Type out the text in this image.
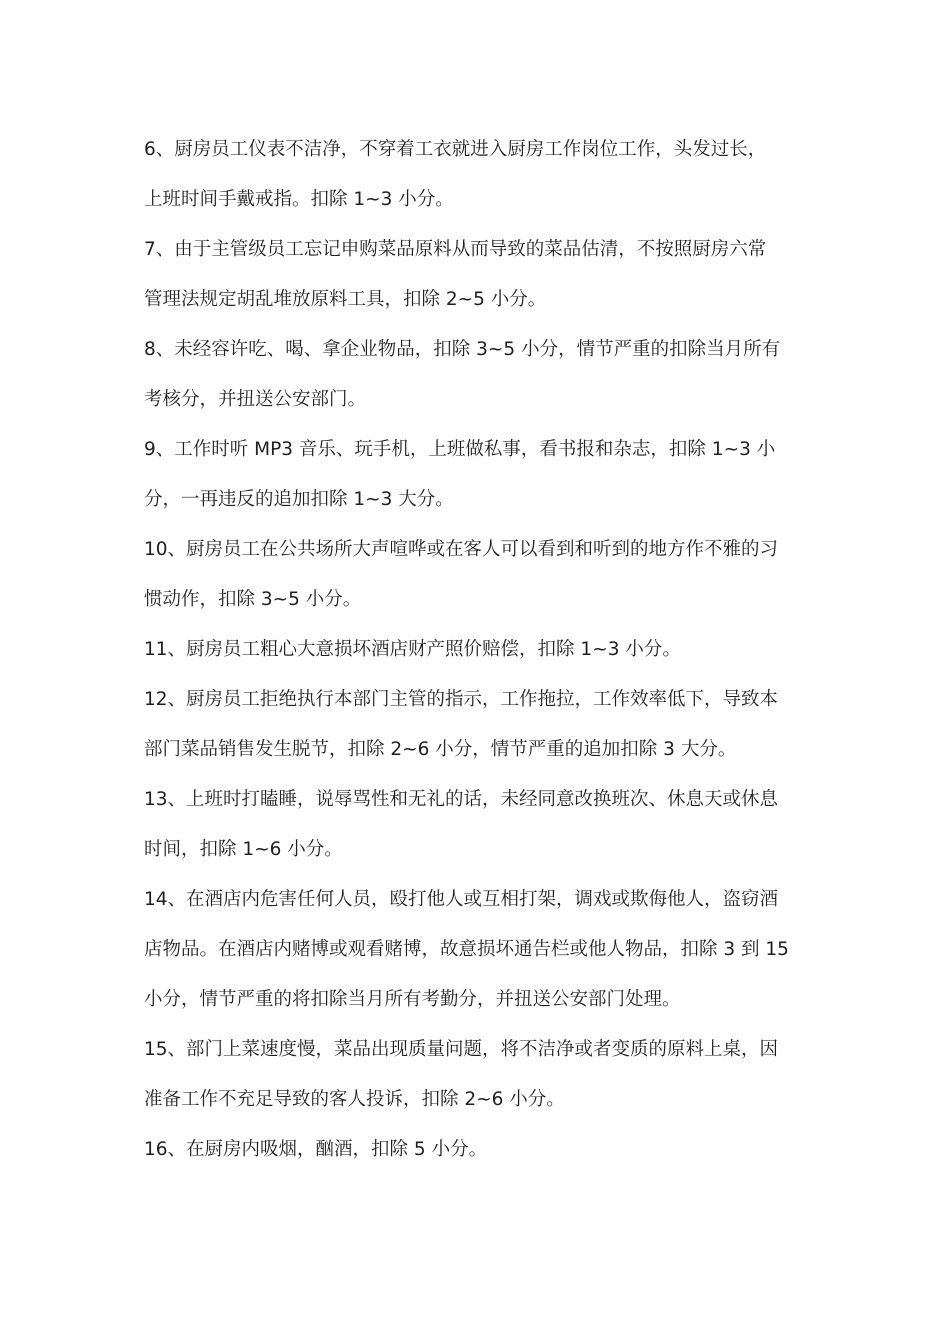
6、厨房员工仪表不洁净，不穿着工衣就进入厨房工作岗位工作，头发过长，
上班时间手戴戒指。扣除 1~3 小分。
7、由于主管级员工忘记申购菜品原料从而导致的菜品估清，不按照厨房六常
管理法规定胡乱堆放原料工具，扣除 2~5 小分。
8、未经容许吃、喝、拿企业物品，扣除 3~5 小分，情节严重的扣除当月所有
考核分，并扭送公安部门。
9、工作时听 MP3 音乐、玩手机，上班做私事，看书报和杂志，扣除 1~3 小
分，一再违反的追加扣除 1~3 大分。
10、厨房员工在公共场所大声喧哗或在客人可以看到和听到的地方作不雅的习
惯动作，扣除 3~5 小分。
11、厨房员工粗心大意损坏酒店财产照价赔偿，扣除 1~3 小分。
12、厨房员工拒绝执行本部门主管的指示，工作拖拉，工作效率低下，导致本
部门菜品销售发生脱节，扣除 2~6 小分，情节严重的追加扣除 3 大分。
13、上班时打瞌睡，说辱骂性和无礼的话，未经同意改换班次、休息天或休息
时间，扣除 1~6 小分。
14、在酒店内危害任何人员，殴打他人或互相打架，调戏或欺侮他人，盗窃酒
店物品。在酒店内赌博或观看赌博，故意损坏通告栏或他人物品，扣除 3 到 15
小分，情节严重的将扣除当月所有考勤分，并扭送公安部门处理。
15、部门上菜速度慢，菜品出现质量问题，将不洁净或者变质的原料上桌，因
准备工作不充足导致的客人投诉，扣除 2~6 小分。
16、在厨房内吸烟，酗酒，扣除 5 小分。
